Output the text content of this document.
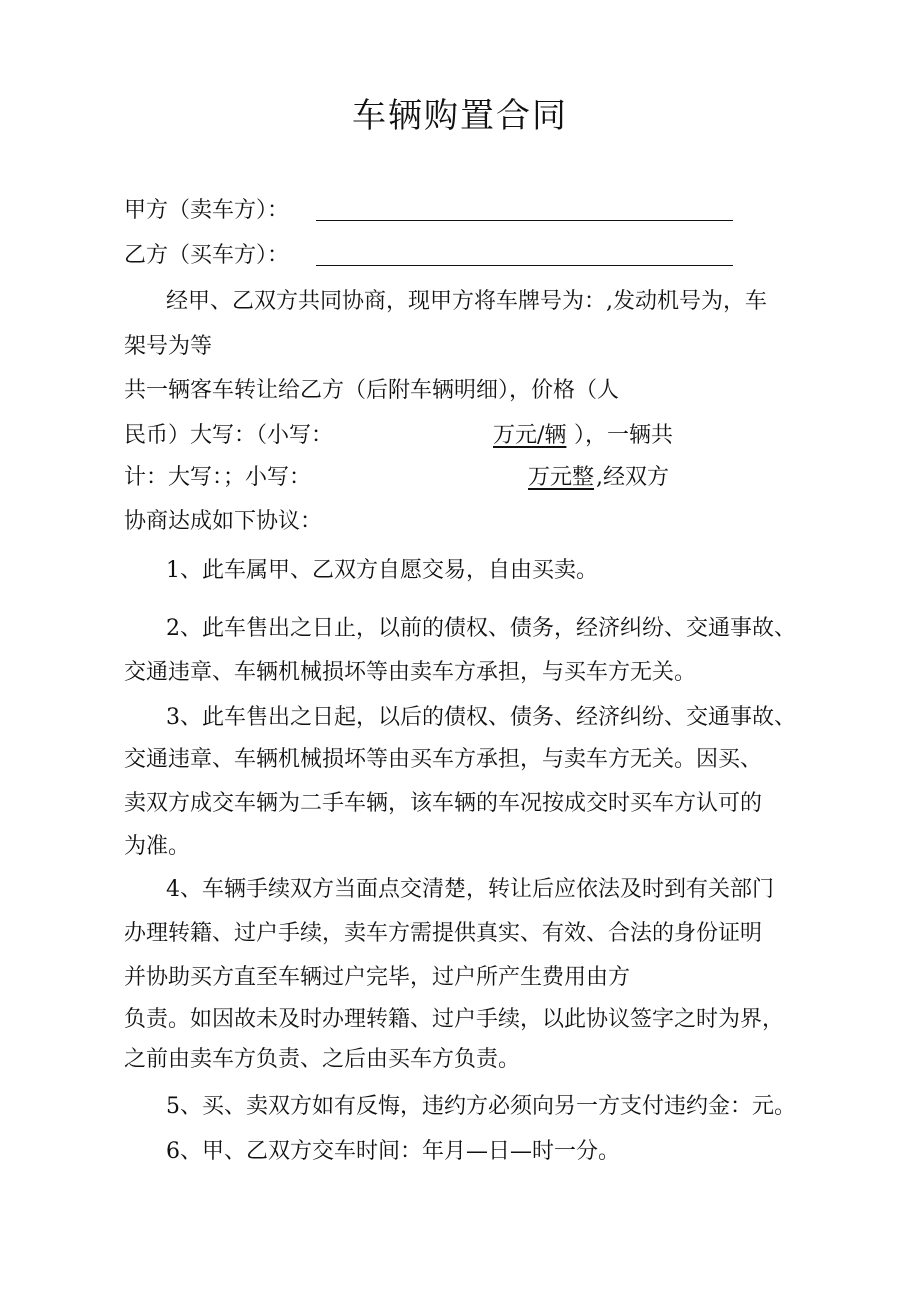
车辆购置合同
甲方（卖车方）：
乙方（买车方）：
经甲、乙双方共同协商，现甲方将车牌号为：,发动机号为，车
架号为等
共一辆客车转让给乙方（后附车辆明细），价格（人
民币）大写：（小写：	万元/辆 ），一辆共
计：大写：；小写：	万元整 ,经双方
协商达成如下协议：
1、此车属甲、乙双方自愿交易，自由买卖。
2、此车售出之日止，以前的债权、债务，经济纠纷、交通事故、
交通违章、车辆机械损坏等由卖车方承担，与买车方无关。
3、此车售出之日起，以后的债权、债务、经济纠纷、交通事故、
交通违章、车辆机械损坏等由买车方承担，与卖车方无关。因买、
卖双方成交车辆为二手车辆，该车辆的车况按成交时买车方认可的
为准。
4、车辆手续双方当面点交清楚，转让后应依法及时到有关部门
办理转籍、过户手续，卖车方需提供真实、有效、合法的身份证明
并协助买方直至车辆过户完毕，过户所产生费用由方
负责。如因故未及时办理转籍、过户手续，以此协议签字之时为界，
之前由卖车方负责、之后由买车方负责。
5、买、卖双方如有反悔，违约方必须向另一方支付违约金：元。
6、甲、乙双方交车时间：年月—日—时一分。
